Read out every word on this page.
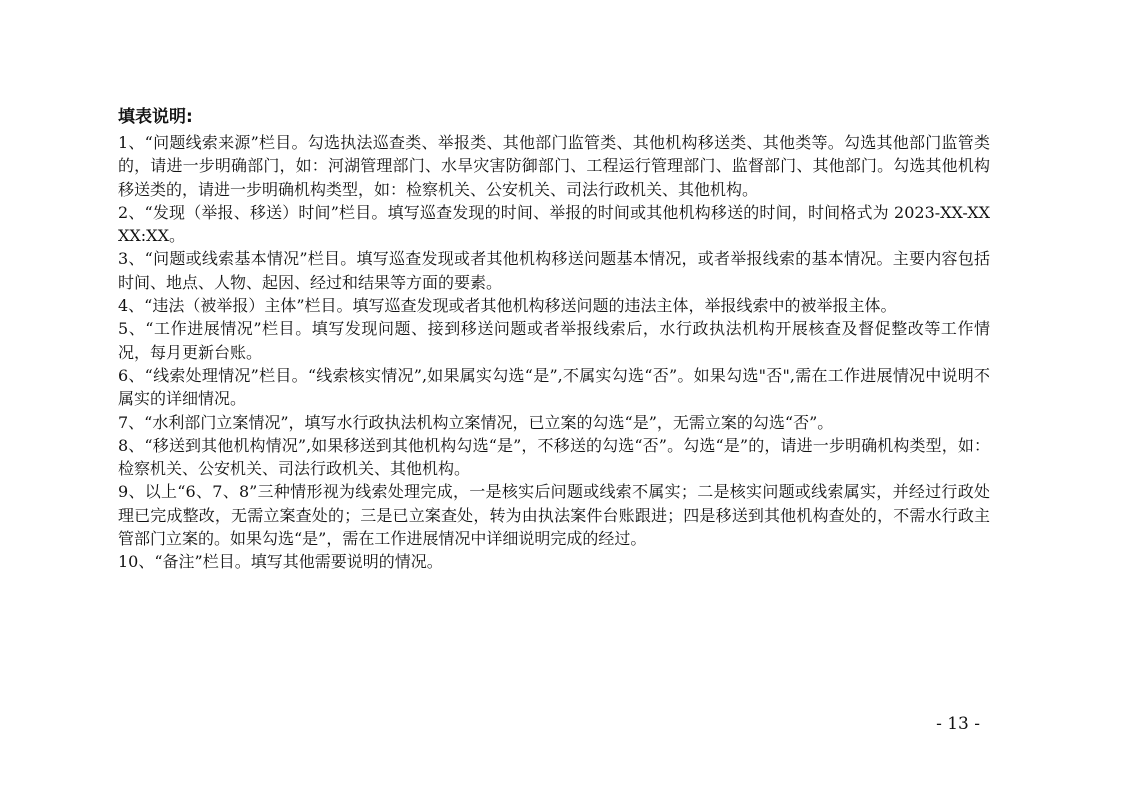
填表说明:

1、“问题线索来源”栏目。勾选执法巡查类、举报类、其他部门监管类、其他机构移送类、其他类等。勾选其他部门监管类的，请进一步明确部门，如：河湖管理部门、水旱灾害防御部门、工程运行管理部门、监督部门、其他部门。勾选其他机构移送类的，请进一步明确机构类型，如：检察机关、公安机关、司法行政机关、其他机构。

2、“发现（举报、移送）时间”栏目。填写巡查发现的时间、举报的时间或其他机构移送的时间，时间格式为 2023-XX-XX XX:XX。

3、“问题或线索基本情况”栏目。填写巡查发现或者其他机构移送问题基本情况，或者举报线索的基本情况。主要内容包括时间、地点、人物、起因、经过和结果等方面的要素。

4、“违法（被举报）主体”栏目。填写巡查发现或者其他机构移送问题的违法主体，举报线索中的被举报主体。

5、“工作进展情况”栏目。填写发现问题、接到移送问题或者举报线索后，水行政执法机构开展核查及督促整改等工作情况，每月更新台账。

6、“线索处理情况”栏目。“线索核实情况”,如果属实勾选“是”,不属实勾选“否”。如果勾选"否",需在工作进展情况中说明不属实的详细情况。

7、“水利部门立案情况”，填写水行政执法机构立案情况，已立案的勾选“是”，无需立案的勾选“否”。

8、“移送到其他机构情况”,如果移送到其他机构勾选“是”，不移送的勾选“否”。勾选“是”的，请进一步明确机构类型，如：检察机关、公安机关、司法行政机关、其他机构。

9、以上“6、7、8”三种情形视为线索处理完成，一是核实后问题或线索不属实；二是核实问题或线索属实，并经过行政处理已完成整改，无需立案查处的；三是已立案查处，转为由执法案件台账跟进；四是移送到其他机构查处的，不需水行政主管部门立案的。如果勾选“是”，需在工作进展情况中详细说明完成的经过。

10、“备注”栏目。填写其他需要说明的情况。

- 13 -
